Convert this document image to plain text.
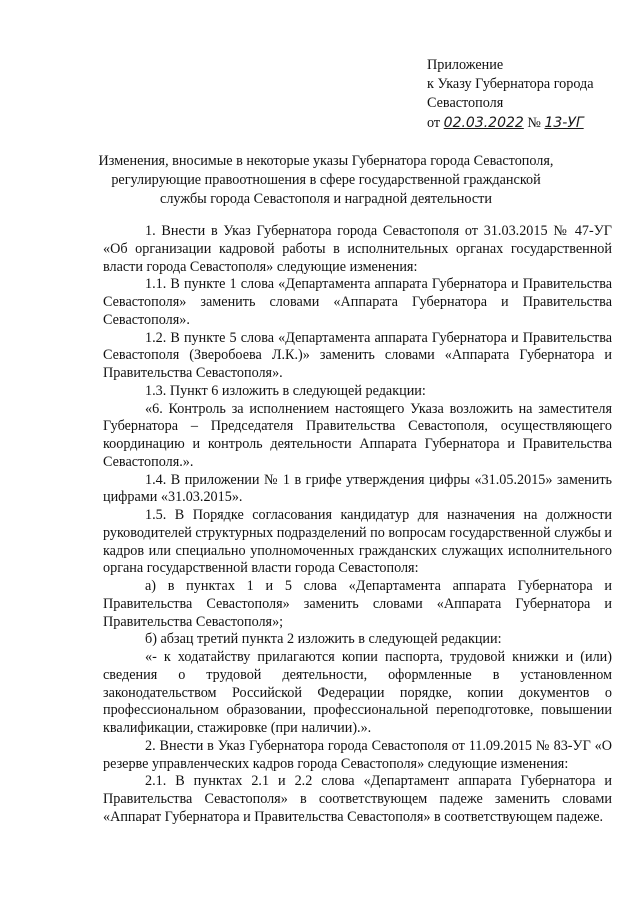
Приложение
к Указу Губернатора города
Севастополя
от 02.03.2022 № 13-УГ
Изменения, вносимые в некоторые указы Губернатора города Севастополя,
регулирующие правоотношения в сфере государственной гражданской
службы города Севастополя и наградной деятельности

1. Внести в Указ Губернатора города Севастополя от 31.03.2015 № 47-УГ «Об организации кадровой работы в исполнительных органах государственной власти города Севастополя» следующие изменения:

1.1. В пункте 1 слова «Департамента аппарата Губернатора и Правительства Севастополя» заменить словами «Аппарата Губернатора и Правительства Севастополя».

1.2. В пункте 5 слова «Департамента аппарата Губернатора и Правительства Севастополя (Зверобоева Л.К.)» заменить словами «Аппарата Губернатора и Правительства Севастополя».

1.3. Пункт 6 изложить в следующей редакции:

«6. Контроль за исполнением настоящего Указа возложить на заместителя Губернатора – Председателя Правительства Севастополя, осуществляющего координацию и контроль деятельности Аппарата Губернатора и Правительства Севастополя.».

1.4. В приложении № 1 в грифе утверждения цифры «31.05.2015» заменить цифрами «31.03.2015».

1.5. В Порядке согласования кандидатур для назначения на должности руководителей структурных подразделений по вопросам государственной службы и кадров или специально уполномоченных гражданских служащих исполнительного органа государственной власти города Севастополя:

а) в пунктах 1 и 5 слова «Департамента аппарата Губернатора и Правительства Севастополя» заменить словами «Аппарата Губернатора и Правительства Севастополя»;

б) абзац третий пункта 2 изложить в следующей редакции:

«- к ходатайству прилагаются копии паспорта, трудовой книжки и (или) сведения о трудовой деятельности, оформленные в установленном законодательством Российской Федерации порядке, копии документов о профессиональном образовании, профессиональной переподготовке, повышении квалификации, стажировке (при наличии).».

2. Внести в Указ Губернатора города Севастополя от 11.09.2015 № 83-УГ «О резерве управленческих кадров города Севастополя» следующие изменения:

2.1. В пунктах 2.1 и 2.2 слова «Департамент аппарата Губернатора и Правительства Севастополя» в соответствующем падеже заменить словами «Аппарат Губернатора и Правительства Севастополя» в соответствующем падеже.
